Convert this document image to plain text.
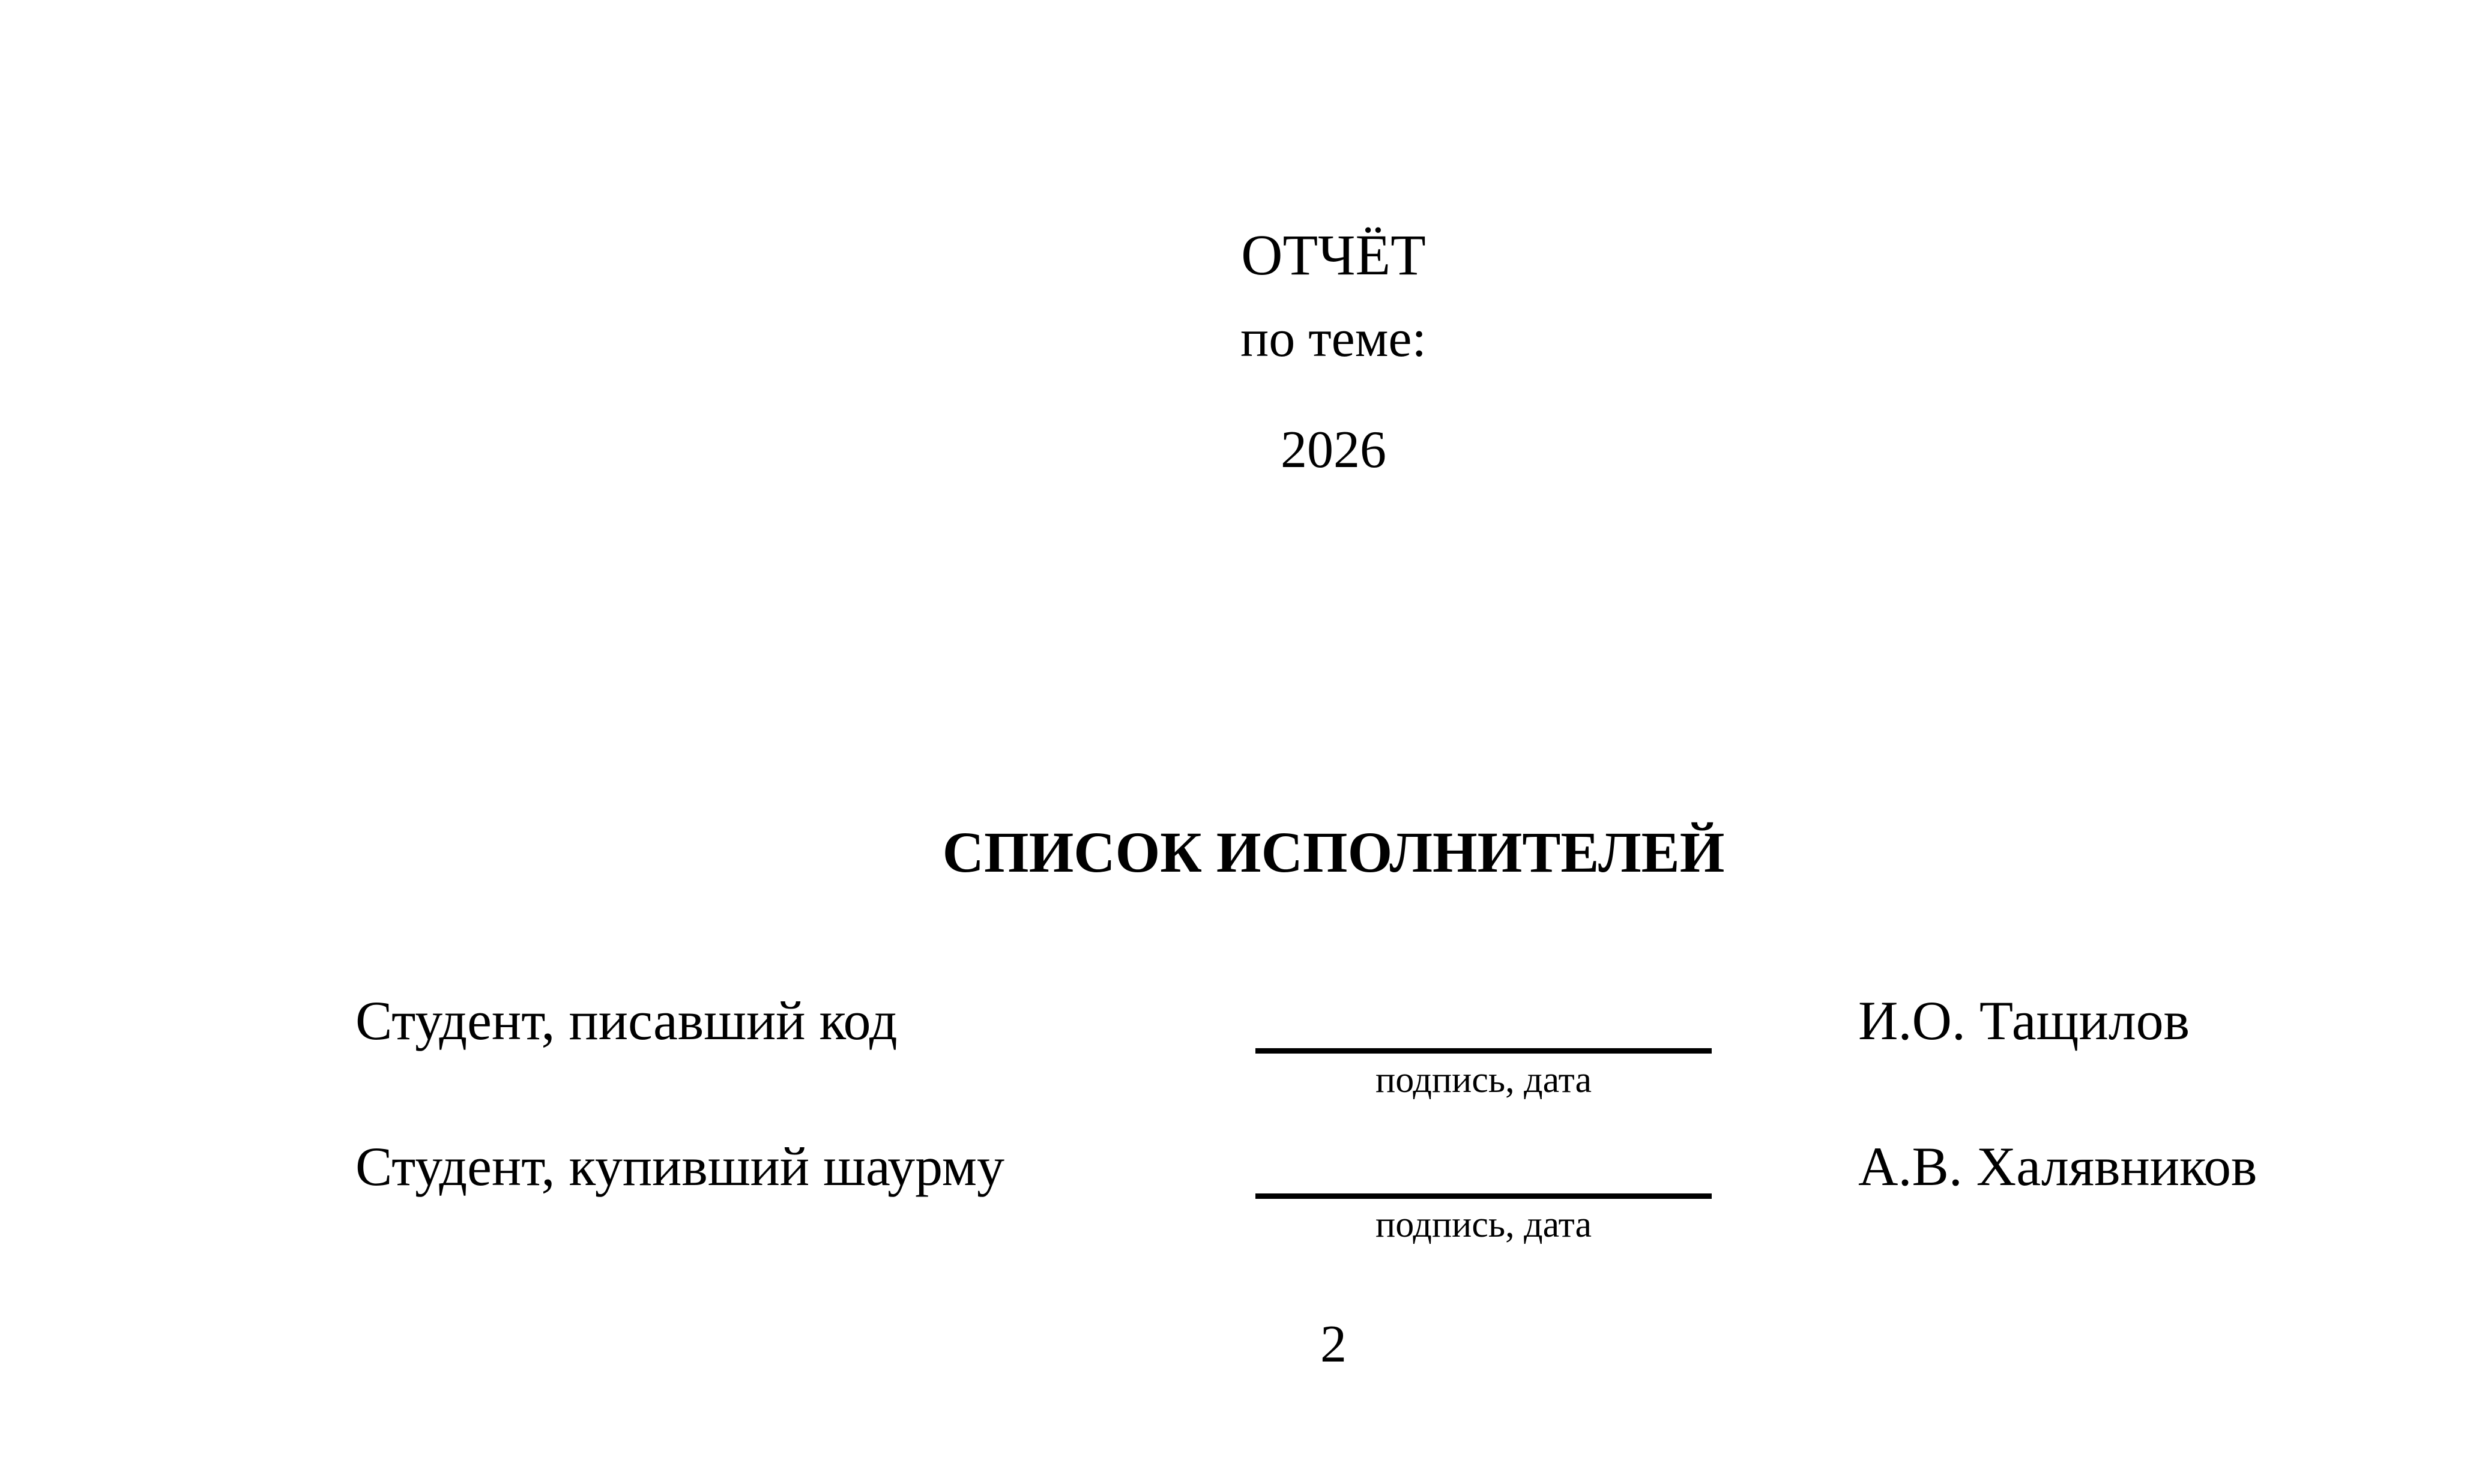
ОТЧЁТ
по теме:
2026
СПИСОК ИСПОЛНИТЕЛЕЙ
Студент, писавший код
подпись, дата
И.О. Тащилов
Студент, купивший шаурму
подпись, дата
А.В. Халявников
2
